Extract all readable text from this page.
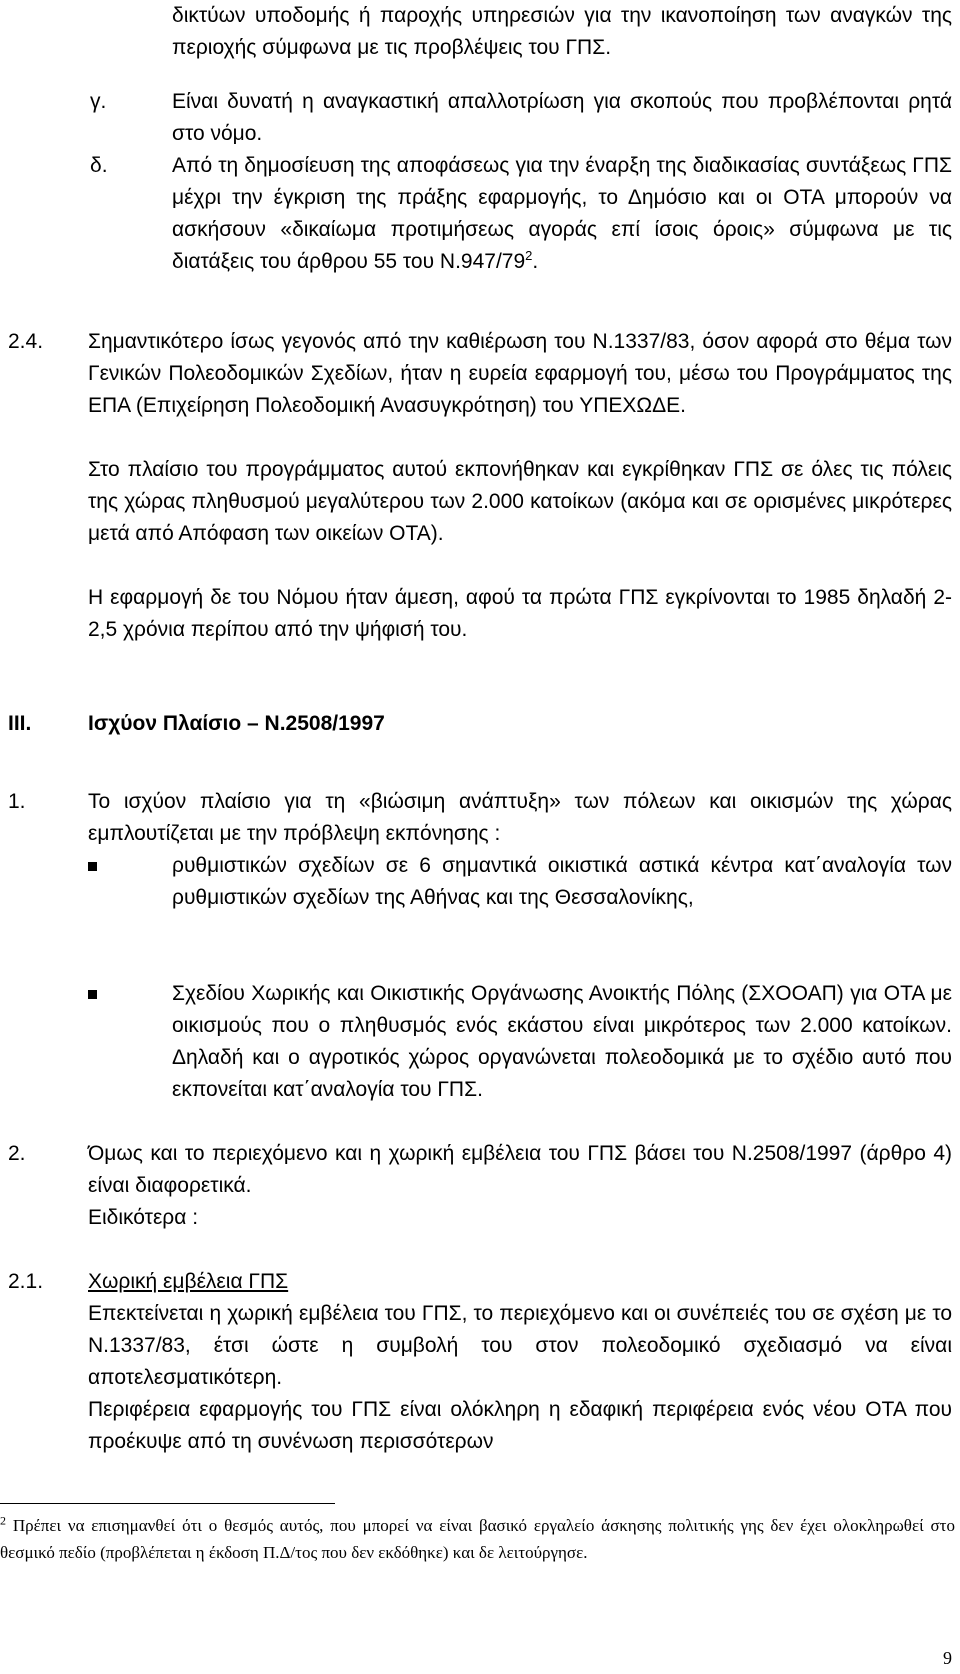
δικτύων υποδομής ή παροχής υπηρεσιών για την ικανοποίηση των αναγκών της περιοχής σύμφωνα με τις προβλέψεις του ΓΠΣ.
γ.	Είναι δυνατή η αναγκαστική απαλλοτρίωση για σκοπούς που προβλέπονται ρητά στο νόμο.
δ.	Από τη δημοσίευση της αποφάσεως για την έναρξη της διαδικασίας συντάξεως ΓΠΣ μέχρι την έγκριση της πράξης εφαρμογής, το Δημόσιο και οι ΟΤΑ μπορούν να ασκήσουν «δικαίωμα προτιμήσεως αγοράς επί ίσοις όροις» σύμφωνα με τις διατάξεις του άρθρου 55 του $N.947/79^2$.
2.4. Σημαντικότερο ίσως γεγονός από την καθιέρωση του Ν.1337/83, όσον αφορά στο θέμα των Γενικών Πολεοδομικών Σχεδίων, ήταν η ευρεία εφαρμογή του, μέσω του Προγράμματος της ΕΠΑ (Επιχείρηση Πολεοδομική Ανασυγκρότηση) του ΥΠΕΧΩΔΕ.
Στο πλαίσιο του προγράμματος αυτού εκπονήθηκαν και εγκρίθηκαν ΓΠΣ σε όλες τις πόλεις της χώρας πληθυσμού μεγαλύτερου των 2.000 κατοίκων (ακόμα και σε ορισμένες μικρότερες μετά από Απόφαση των οικείων ΟΤΑ).
Η εφαρμογή δε του Νόμου ήταν άμεση, αφού τα πρώτα ΓΠΣ εγκρίνονται το 1985 δηλαδή 2-2,5 χρόνια περίπου από την ψήφισή του.
ΙΙΙ.	Ισχύον Πλαίσιο – Ν.2508/1997
1.	Το ισχύον πλαίσιο για τη «βιώσιμη ανάπτυξη» των πόλεων και οικισμών της χώρας εμπλουτίζεται με την πρόβλεψη εκπόνησης :
ρυθμιστικών σχεδίων σε 6 σημαντικά οικιστικά αστικά κέντρα κατ΄αναλογία των ρυθμιστικών σχεδίων της Αθήνας και της Θεσσαλονίκης,
Σχεδίου Χωρικής και Οικιστικής Οργάνωσης Ανοικτής Πόλης (ΣΧΟΟΑΠ) για ΟΤΑ με οικισμούς που ο πληθυσμός ενός εκάστου είναι μικρότερος των 2.000 κατοίκων. Δηλαδή και ο αγροτικός χώρος οργανώνεται πολεοδομικά με το σχέδιο αυτό που εκπονείται κατ΄αναλογία του ΓΠΣ.
2.	Όμως και το περιεχόμενο και η χωρική εμβέλεια του ΓΠΣ βάσει του Ν.2508/1997 (άρθρο 4) είναι διαφορετικά.
Ειδικότερα :
2.1. Χωρική εμβέλεια ΓΠΣ
Επεκτείνεται η χωρική εμβέλεια του ΓΠΣ, το περιεχόμενο και οι συνέπειές του σε σχέση με το Ν.1337/83, έτσι ώστε η συμβολή του στον πολεοδομικό σχεδιασμό να είναι αποτελεσματικότερη.
Περιφέρεια εφαρμογής του ΓΠΣ είναι ολόκληρη η εδαφική περιφέρεια ενός νέου ΟΤΑ που προέκυψε από τη συνένωση περισσότερων
$^2$ Πρέπει να επισημανθεί ότι ο θεσμός αυτός, που μπορεί να είναι βασικό εργαλείο άσκησης πολιτικής γης δεν έχει ολοκληρωθεί στο θεσμικό πεδίο (προβλέπεται η έκδοση Π.Δ/τος που δεν εκδόθηκε) και δε λειτούργησε.
9
